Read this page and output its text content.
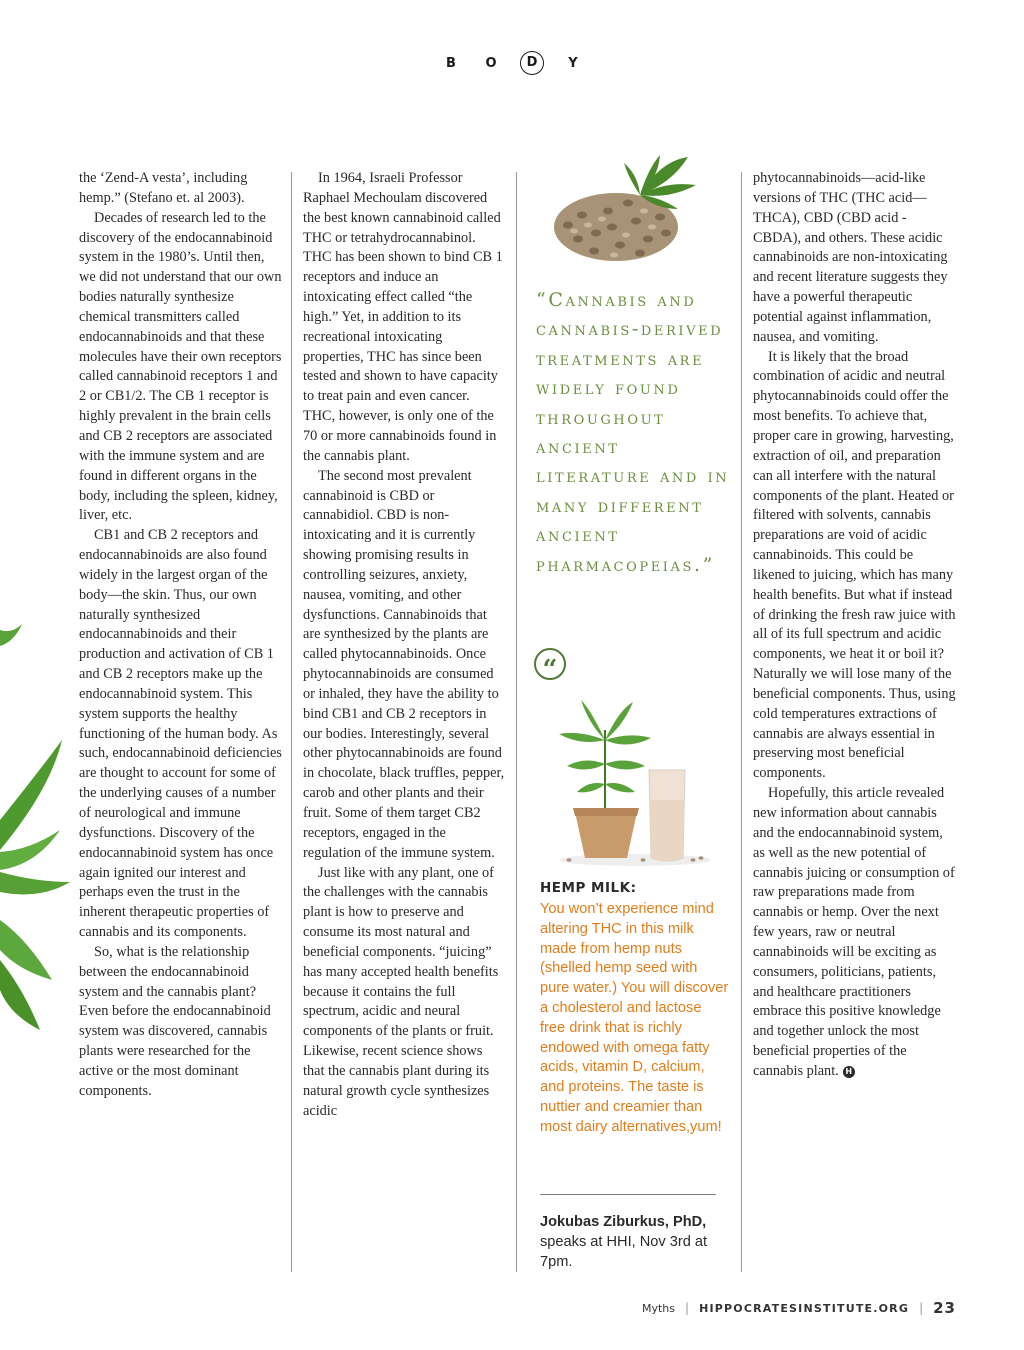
B	O	D	Y

the ‘Zend-A vesta’, including hemp.” (Stefano et. al 2003).

Decades of research led to the discovery of the endocannabinoid system in the 1980’s. Until then, we did not understand that our own bodies naturally synthesize chemical transmitters called endocannabinoids and that these molecules have their own receptors called cannabinoid receptors 1 and 2 or CB1/2. The CB 1 receptor is highly prevalent in the brain cells and CB 2 receptors are associated with the immune system and are found in different organs in the body, including the spleen, kidney, liver, etc.

CB1 and CB 2 receptors and endocannabinoids are also found widely in the largest organ of the body—the skin. Thus, our own naturally synthesized endocannabinoids and their production and activation of CB 1 and CB 2 receptors make up the endocannabinoid system. This system supports the healthy functioning of the human body. As such, endocannabinoid deficiencies are thought to account for some of the underlying causes of a number of neurological and immune dysfunctions. Discovery of the endocannabinoid system has once again ignited our interest and perhaps even the trust in the inherent therapeutic properties of cannabis and its components.

So, what is the relationship between the endocannabinoid system and the cannabis plant? Even before the endocannabinoid system was discovered, cannabis plants were researched for the active or the most dominant components.

In 1964, Israeli Professor Raphael Mechoulam discovered the best known cannabinoid called THC or tetrahydrocannabinol. THC has been shown to bind CB 1 receptors and induce an intoxicating effect called “the high.” Yet, in addition to its recreational intoxicating properties, THC has since been tested and shown to have capacity to treat pain and even cancer. THC, however, is only one of the 70 or more cannabinoids found in the cannabis plant.

The second most prevalent cannabinoid is CBD or cannabidiol. CBD is non-intoxicating and it is currently showing promising results in controlling seizures, anxiety, nausea, vomiting, and other dysfunctions. Cannabinoids that are synthesized by the plants are called phytocannabinoids. Once phytocannabinoids are consumed or inhaled, they have the ability to bind CB1 and CB 2 receptors in our bodies. Interestingly, several other phytocannabinoids are found in chocolate, black truffles, pepper, carob and other plants and their fruit. Some of them target CB2 receptors, engaged in the regulation of the immune system.

Just like with any plant, one of the challenges with the cannabis plant is how to preserve and consume its most natural and beneficial components. “juicing” has many accepted health benefits because it contains the full spectrum, acidic and neural components of the plants or fruit. Likewise, recent science shows that the cannabis plant during its natural growth cycle synthesizes acidic

“Cannabis and cannabis-derived treatments are widely found throughout ancient literature and in many different ancient pharmacopeias.”
“
HEMP MILK:
You won’t experience mind altering THC in this milk made from hemp nuts (shelled hemp seed with pure water.) You will discover a cholesterol and lactose free drink that is richly endowed with omega fatty acids, vitamin D, calcium, and proteins. The taste is nuttier and creamier than most dairy alternatives,yum!
Jokubas Ziburkus, PhD,
speaks at HHI, Nov 3rd at 7pm.

phytocannabinoids—acid-like versions of THC (THC acid—THCA), CBD (CBD acid - CBDA), and others. These acidic cannabinoids are non-intoxicating and recent literature suggests they have a powerful therapeutic potential against inflammation, nausea, and vomiting.

It is likely that the broad combination of acidic and neutral phytocannabinoids could offer the most benefits. To achieve that, proper care in growing, harvesting, extraction of oil, and preparation can all interfere with the natural components of the plant. Heated or filtered with solvents, cannabis preparations are void of acidic cannabinoids. This could be likened to juicing, which has many health benefits. But what if instead of drinking the fresh raw juice with all of its full spectrum and acidic components, we heat it or boil it? Naturally we will lose many of the beneficial components. Thus, using cold temperatures extractions of cannabis are always essential in preserving most beneficial components.

Hopefully, this article revealed new information about cannabis and the endocannabinoid system, as well as the new potential of cannabis juicing or consumption of raw preparations made from cannabis or hemp. Over the next few years, raw or neutral cannabinoids will be exciting as consumers, politicians, patients, and healthcare practitioners embrace this positive knowledge and together unlock the most beneficial properties of the cannabis plant. H

Myths | HIPPOCRATESINSTITUTE.ORG | 23
